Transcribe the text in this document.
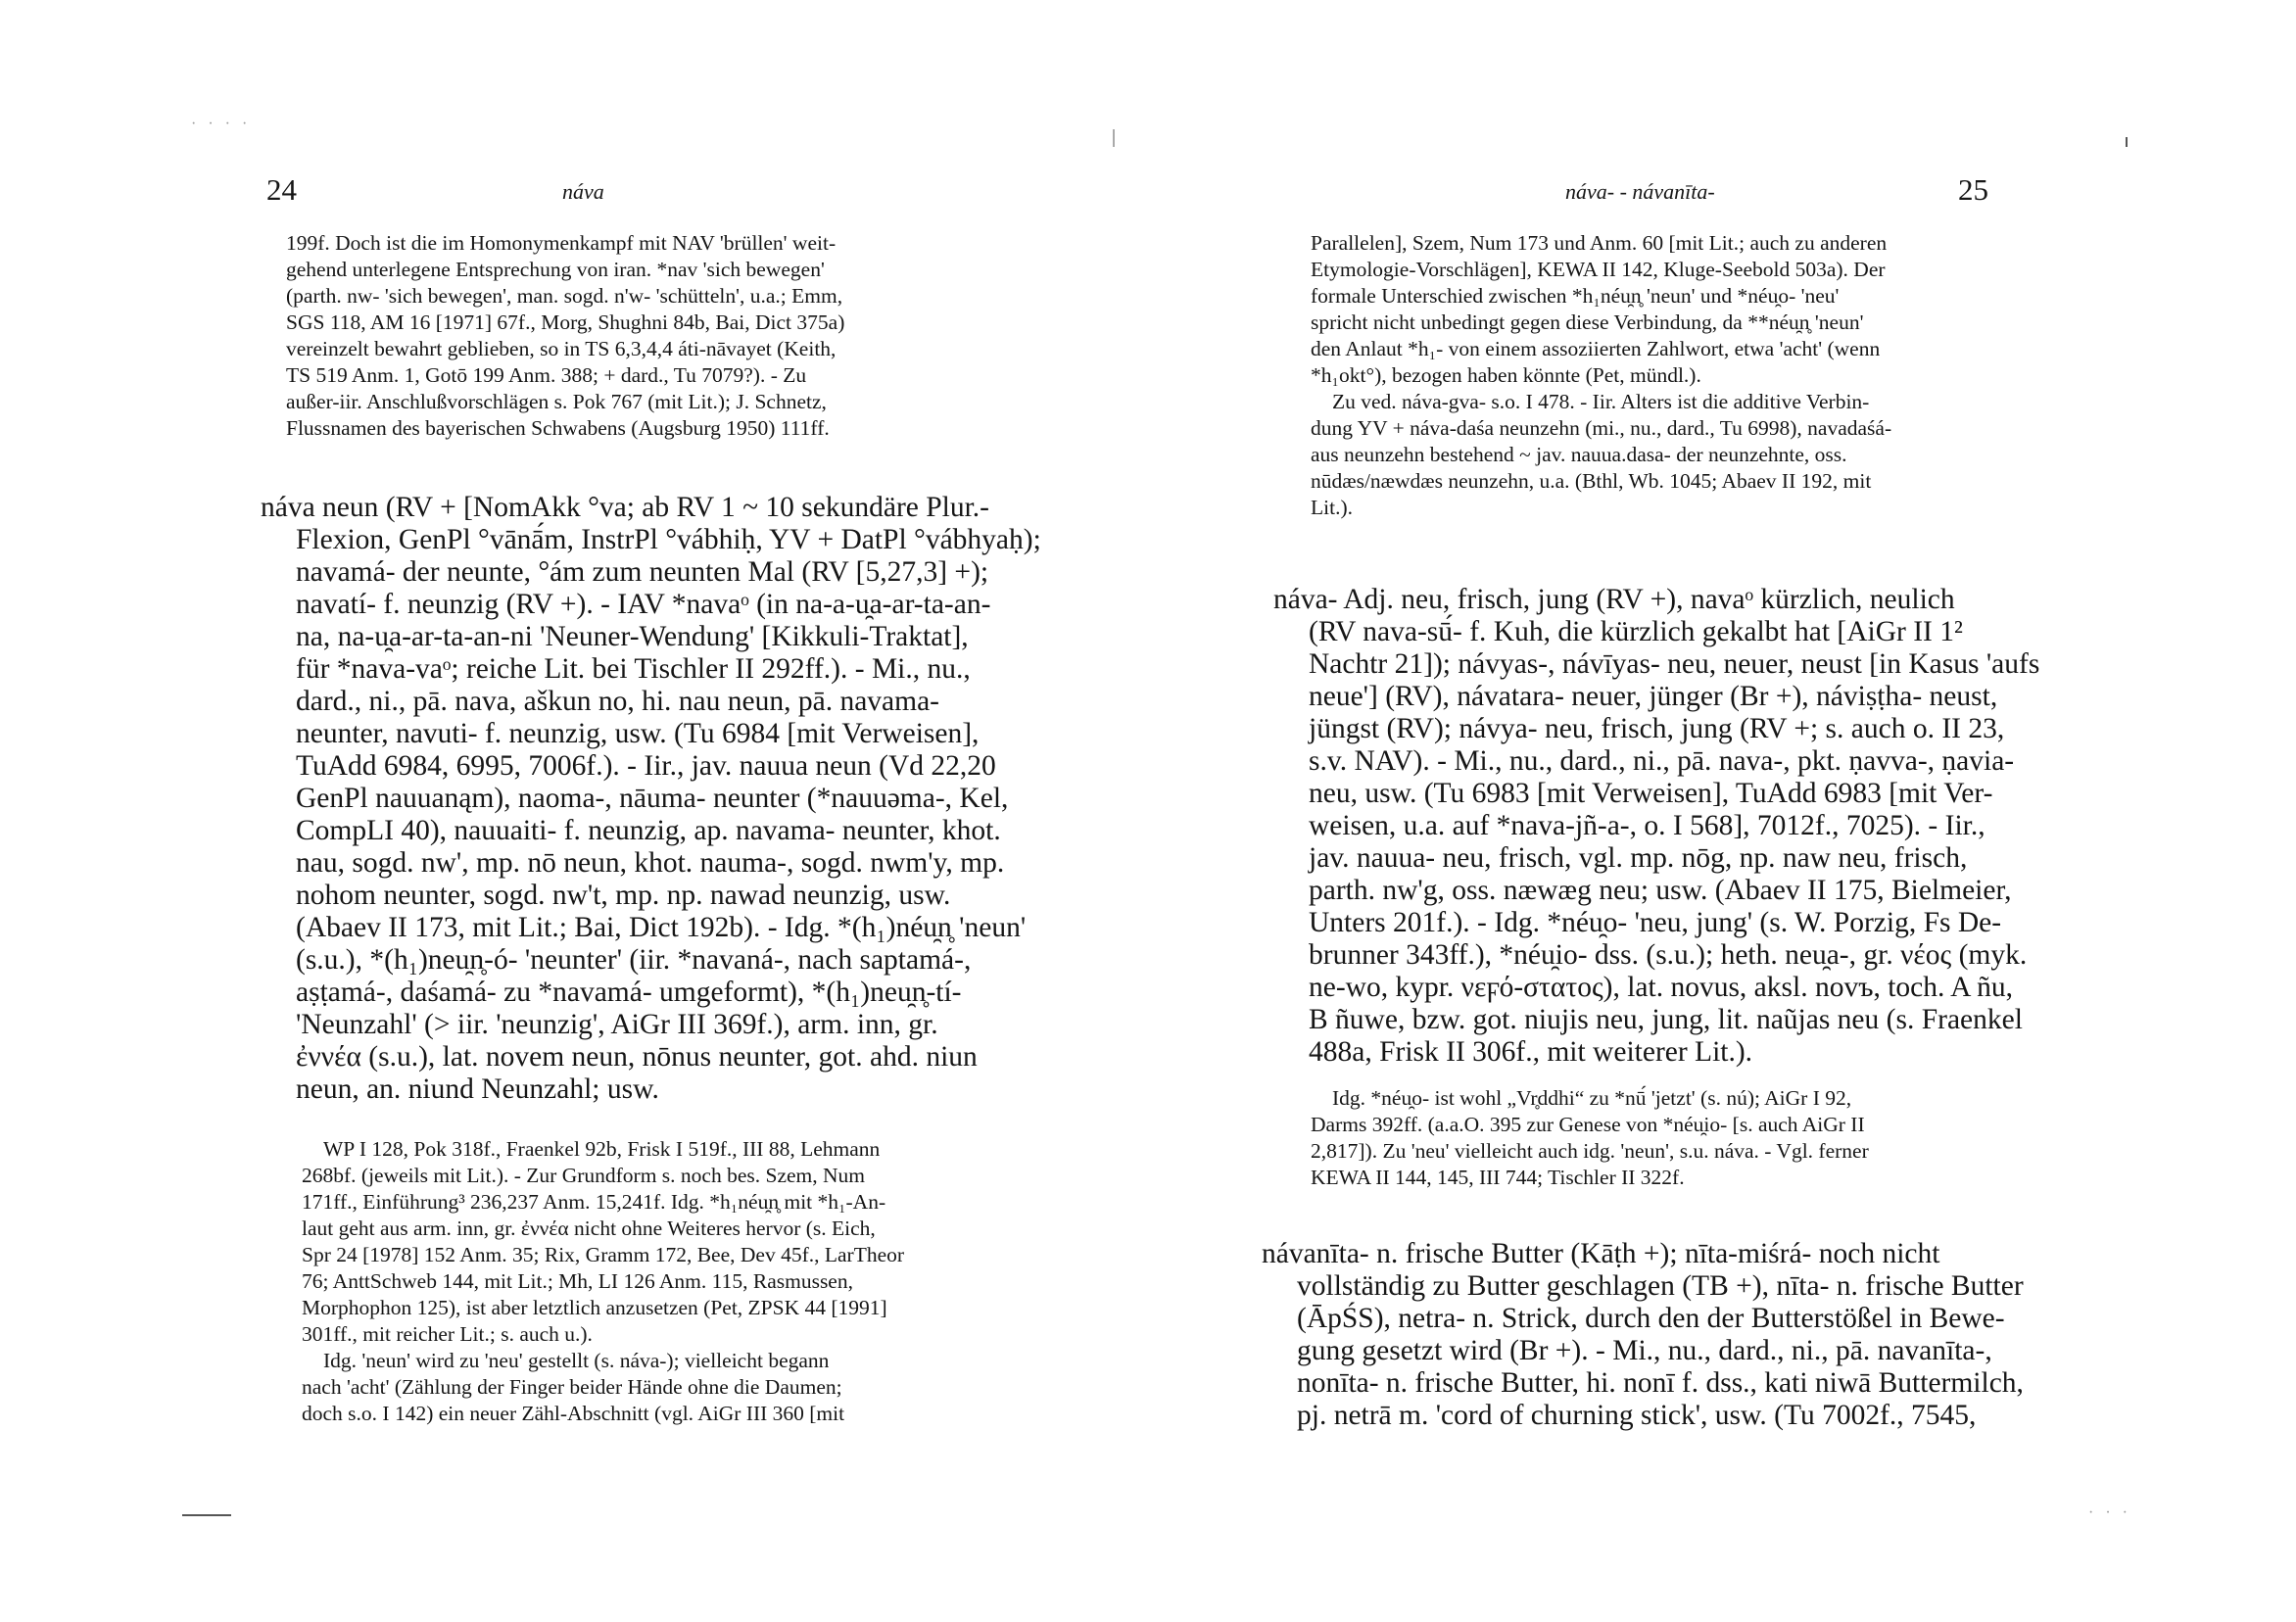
24	náva
199f. Doch ist die im Homonymenkampf mit NAV 'brüllen' weit-
gehend unterlegene Entsprechung von iran. *nav 'sich bewegen'
(parth. nw- 'sich bewegen', man. sogd. n'w- 'schütteln', u.a.; Emm,
SGS 118, AM 16 [1971] 67f., Morg, Shughni 84b, Bai, Dict 375a)
vereinzelt bewahrt geblieben, so in TS 6,3,4,4 áti-nāvayet (Keith,
TS 519 Anm. 1, Gotō 199 Anm. 388; + dard., Tu 7079?). - Zu
außer-iir. Anschlußvorschlägen s. Pok 767 (mit Lit.); J. Schnetz,
Flussnamen des bayerischen Schwabens (Augsburg 1950) 111ff.
náva neun (RV + [NomAkk °va; ab RV 1 ~ 10 sekundäre Plur.-
Flexion, GenPl °vānā́m, InstrPl °vábhiḥ, YV + DatPl °vábhyaḥ);
navamá- der neunte, °ám zum neunten Mal (RV [5,27,3] +);
navatí- f. neunzig (RV +). - IAV *navaᵒ (in na-a-u̯a-ar-ta-an-
na, na-u̯a-ar-ta-an-ni 'Neuner-Wendung' [Kikkuli-Traktat],
für *nava-vaᵒ; reiche Lit. bei Tischler II 292ff.). - Mi., nu.,
dard., ni., pā. nava, aškun no, hi. nau neun, pā. navama-
neunter, navuti- f. neunzig, usw. (Tu 6984 [mit Verweisen],
TuAdd 6984, 6995, 7006f.). - Iir., jav. nauua neun (Vd 22,20
GenPl nauuanąm), naoma-, nāuma- neunter (*nauuəma-, Kel,
CompLI 40), nauuaiti- f. neunzig, ap. navama- neunter, khot.
nau, sogd. nw', mp. nō neun, khot. nauma-, sogd. nwm'y, mp.
nohom neunter, sogd. nw't, mp. np. nawad neunzig, usw.
(Abaev II 173, mit Lit.; Bai, Dict 192b). - Idg. *(h₁)néu̯n̥ 'neun'
(s.u.), *(h₁)neu̯n̥-ó- 'neunter' (iir. *navaná-, nach saptamá-,
aṣṭamá-, daśamá- zu *navamá- umgeformt), *(h₁)neu̯n̥-tí-
'Neunzahl' (> iir. 'neunzig', AiGr III 369f.), arm. inn, gr.
ἐννέα (s.u.), lat. novem neun, nōnus neunter, got. ahd. niun
neun, an. niund Neunzahl; usw.
WP I 128, Pok 318f., Fraenkel 92b, Frisk I 519f., III 88, Lehmann
268bf. (jeweils mit Lit.). - Zur Grundform s. noch bes. Szem, Num
171ff., Einführung³ 236,237 Anm. 15,241f. Idg. *h₁néu̯n̥ mit *h₁-An-
laut geht aus arm. inn, gr. ἐννέα nicht ohne Weiteres hervor (s. Eich,
Spr 24 [1978] 152 Anm. 35; Rix, Gramm 172, Bee, Dev 45f., LarTheor
76; AnttSchweb 144, mit Lit.; Mh, LI 126 Anm. 115, Rasmussen,
Morphophon 125), ist aber letztlich anzusetzen (Pet, ZPSK 44 [1991]
301ff., mit reicher Lit.; s. auch u.).
Idg. 'neun' wird zu 'neu' gestellt (s. náva-); vielleicht begann
nach 'acht' (Zählung der Finger beider Hände ohne die Daumen;
doch s.o. I 142) ein neuer Zähl-Abschnitt (vgl. AiGr III 360 [mit
· · · ·
náva- - návanīta-	25
Parallelen], Szem, Num 173 und Anm. 60 [mit Lit.; auch zu anderen
Etymologie-Vorschlägen], KEWA II 142, Kluge-Seebold 503a). Der
formale Unterschied zwischen *h₁néu̯n̥ 'neun' und *néu̯o- 'neu'
spricht nicht unbedingt gegen diese Verbindung, da **néu̯n̥ 'neun'
den Anlaut *h₁- von einem assoziierten Zahlwort, etwa 'acht' (wenn
*h₁okt°), bezogen haben könnte (Pet, mündl.).
Zu ved. náva-gva- s.o. I 478. - Iir. Alters ist die additive Verbin-
dung YV + náva-daśa neunzehn (mi., nu., dard., Tu 6998), navadaśá-
aus neunzehn bestehend ~ jav. nauua.dasa- der neunzehnte, oss.
nūdæs/næwdæs neunzehn, u.a. (Bthl, Wb. 1045; Abaev II 192, mit
Lit.).
náva- Adj. neu, frisch, jung (RV +), navaᵒ kürzlich, neulich
(RV nava-sū́- f. Kuh, die kürzlich gekalbt hat [AiGr II 1²
Nachtr 21]); návyas-, návīyas- neu, neuer, neust [in Kasus 'aufs
neue'] (RV), návatara- neuer, jünger (Br +), náviṣṭha- neust,
jüngst (RV); návya- neu, frisch, jung (RV +; s. auch o. II 23,
s.v. NAV). - Mi., nu., dard., ni., pā. nava-, pkt. ṇavva-, ṇavia-
neu, usw. (Tu 6983 [mit Verweisen], TuAdd 6983 [mit Ver-
weisen, u.a. auf *nava-jñ-a-, o. I 568], 7012f., 7025). - Iir.,
jav. nauua- neu, frisch, vgl. mp. nōg, np. naw neu, frisch,
parth. nw'g, oss. næwæg neu; usw. (Abaev II 175, Bielmeier,
Unters 201f.). - Idg. *néu̯o- 'neu, jung' (s. W. Porzig, Fs De-
brunner 343ff.), *néu̯io- dss. (s.u.); heth. neu̯a-, gr. νέος (myk.
ne-wo, kypr. νεϝό-στατος), lat. novus, aksl. novъ, toch. A ñu,
B ñuwe, bzw. got. niujis neu, jung, lit. naũjas neu (s. Fraenkel
488a, Frisk II 306f., mit weiterer Lit.).
Idg. *néu̯o- ist wohl „Vr̥ddhi“ zu *nū́ 'jetzt' (s. nú); AiGr I 92,
Darms 392ff. (a.a.O. 395 zur Genese von *néu̯io- [s. auch AiGr II
2,817]). Zu 'neu' vielleicht auch idg. 'neun', s.u. náva. - Vgl. ferner
KEWA II 144, 145, III 744; Tischler II 322f.
návanīta- n. frische Butter (Kāṭh +); nīta-miśrá- noch nicht
vollständig zu Butter geschlagen (TB +), nīta- n. frische Butter
(ĀpŚS), netra- n. Strick, durch den der Butterstößel in Bewe-
gung gesetzt wird (Br +). - Mi., nu., dard., ni., pā. navanīta-,
nonīta- n. frische Butter, hi. nonī f. dss., kati niwā Buttermilch,
pj. netrā m. 'cord of churning stick', usw. (Tu 7002f., 7545,
· · ·
